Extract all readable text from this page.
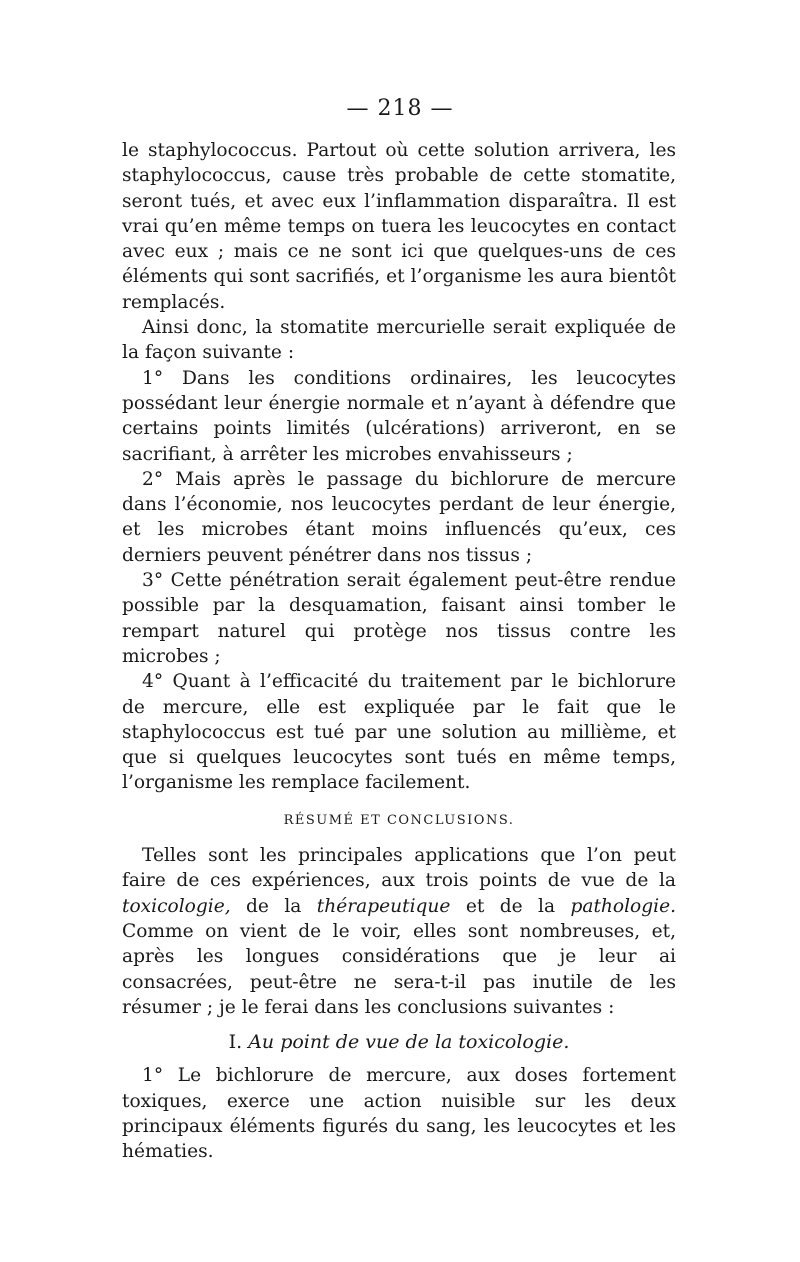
— 218 —

le staphylococcus. Partout où cette solution arrivera, les staphylococcus, cause très probable de cette stomatite, seront tués, et avec eux l’inflammation disparaîtra. Il est vrai qu’en même temps on tuera les leucocytes en contact avec eux ; mais ce ne sont ici que quelques-uns de ces éléments qui sont sacrifiés, et l’organisme les aura bientôt remplacés.

Ainsi donc, la stomatite mercurielle serait expliquée de la façon suivante :

1° Dans les conditions ordinaires, les leucocytes possédant leur énergie normale et n’ayant à défendre que certains points limités (ulcérations) arriveront, en se sacrifiant, à arrêter les microbes envahisseurs ;

2° Mais après le passage du bichlorure de mercure dans l’économie, nos leucocytes perdant de leur énergie, et les microbes étant moins influencés qu’eux, ces derniers peuvent pénétrer dans nos tissus ;

3° Cette pénétration serait également peut-être rendue possible par la desquamation, faisant ainsi tomber le rempart naturel qui protège nos tissus contre les microbes ;

4° Quant à l’efficacité du traitement par le bichlorure de mercure, elle est expliquée par le fait que le staphylococcus est tué par une solution au millième, et que si quelques leucocytes sont tués en même temps, l’organisme les remplace facilement.

RÉSUMÉ ET CONCLUSIONS.

Telles sont les principales applications que l’on peut faire de ces expériences, aux trois points de vue de la toxicologie, de la thérapeutique et de la pathologie. Comme on vient de le voir, elles sont nombreuses, et, après les longues considérations que je leur ai consacrées, peut-être ne sera-t-il pas inutile de les résumer ; je le ferai dans les conclusions suivantes :

I. Au point de vue de la toxicologie.

1° Le bichlorure de mercure, aux doses fortement toxiques, exerce une action nuisible sur les deux principaux éléments figurés du sang, les leucocytes et les hématies.
